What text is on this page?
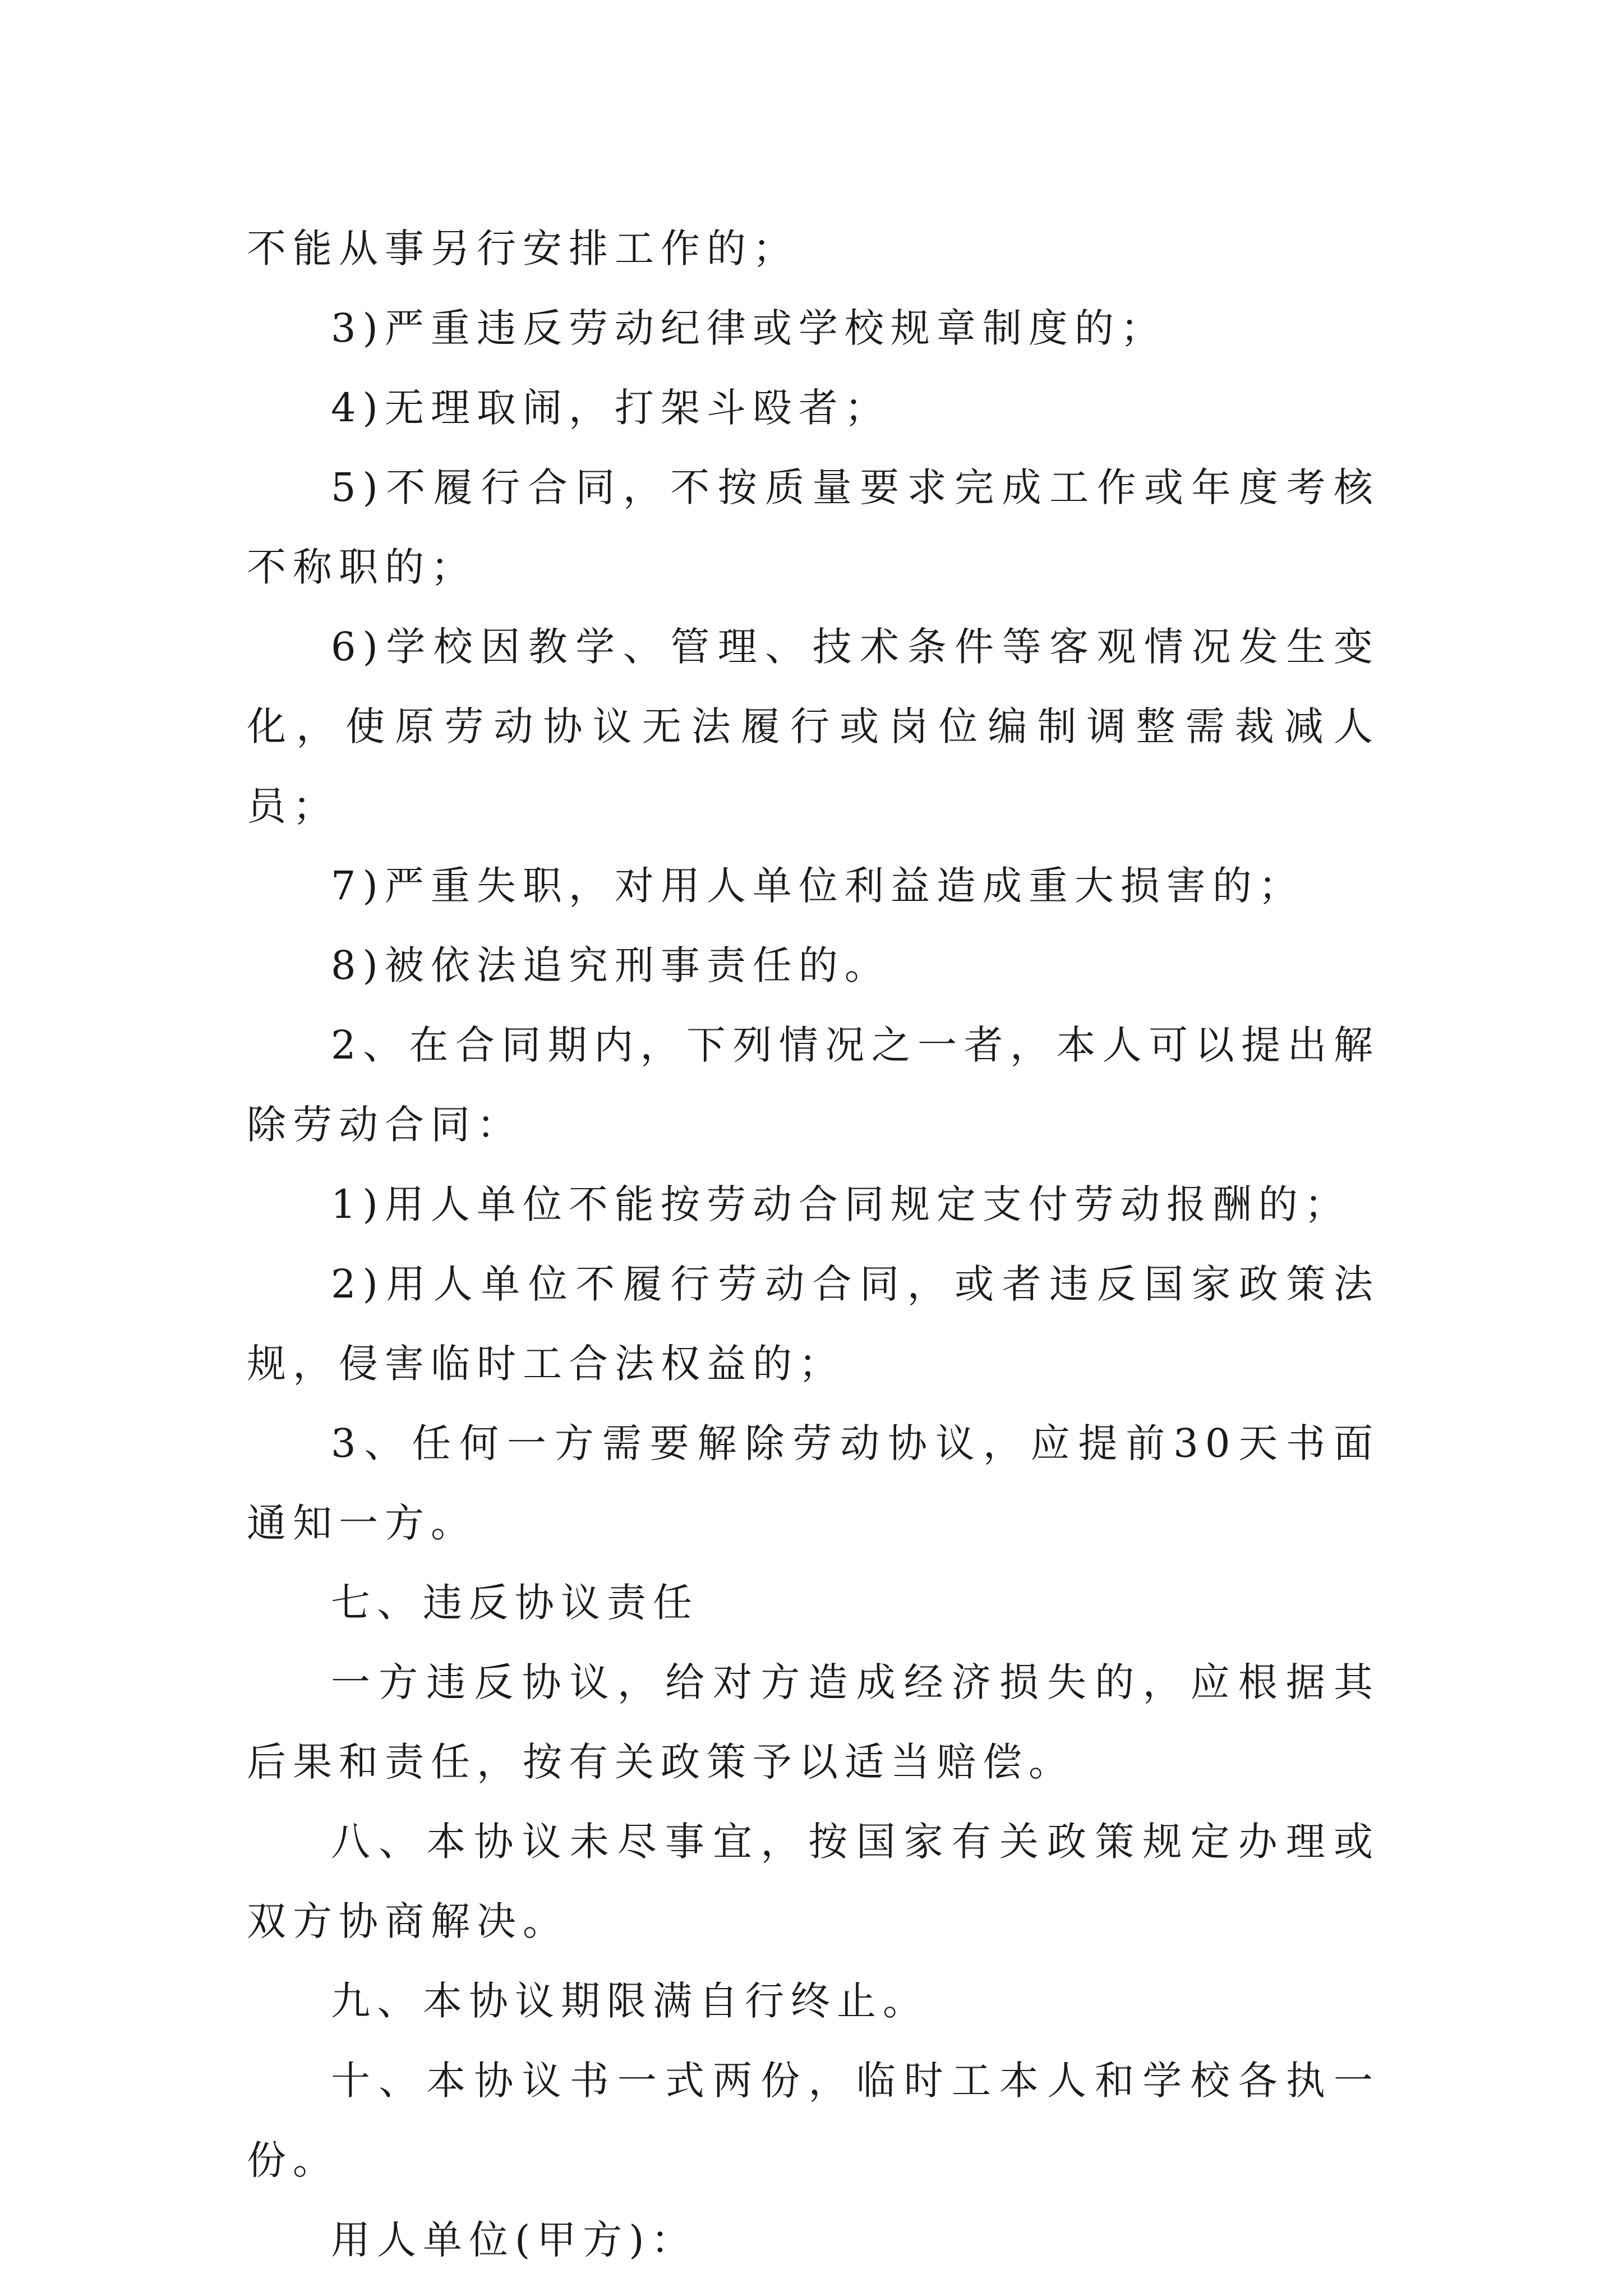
不能从事另行安排工作的；

3)严重违反劳动纪律或学校规章制度的；

4)无理取闹，打架斗殴者；

5)不履行合同，不按质量要求完成工作或年度考核不称职的；

6)学校因教学、管理、技术条件等客观情况发生变化，使原劳动协议无法履行或岗位编制调整需裁减人员；

7)严重失职，对用人单位利益造成重大损害的；

8)被依法追究刑事责任的。

2、在合同期内，下列情况之一者，本人可以提出解除劳动合同：

1)用人单位不能按劳动合同规定支付劳动报酬的；

2)用人单位不履行劳动合同，或者违反国家政策法规，侵害临时工合法权益的；

3、任何一方需要解除劳动协议，应提前30天书面通知一方。

七、违反协议责任

一方违反协议，给对方造成经济损失的，应根据其后果和责任，按有关政策予以适当赔偿。

八、本协议未尽事宜，按国家有关政策规定办理或双方协商解决。

九、本协议期限满自行终止。

十、本协议书一式两份，临时工本人和学校各执一份。

用人单位(甲方)：
